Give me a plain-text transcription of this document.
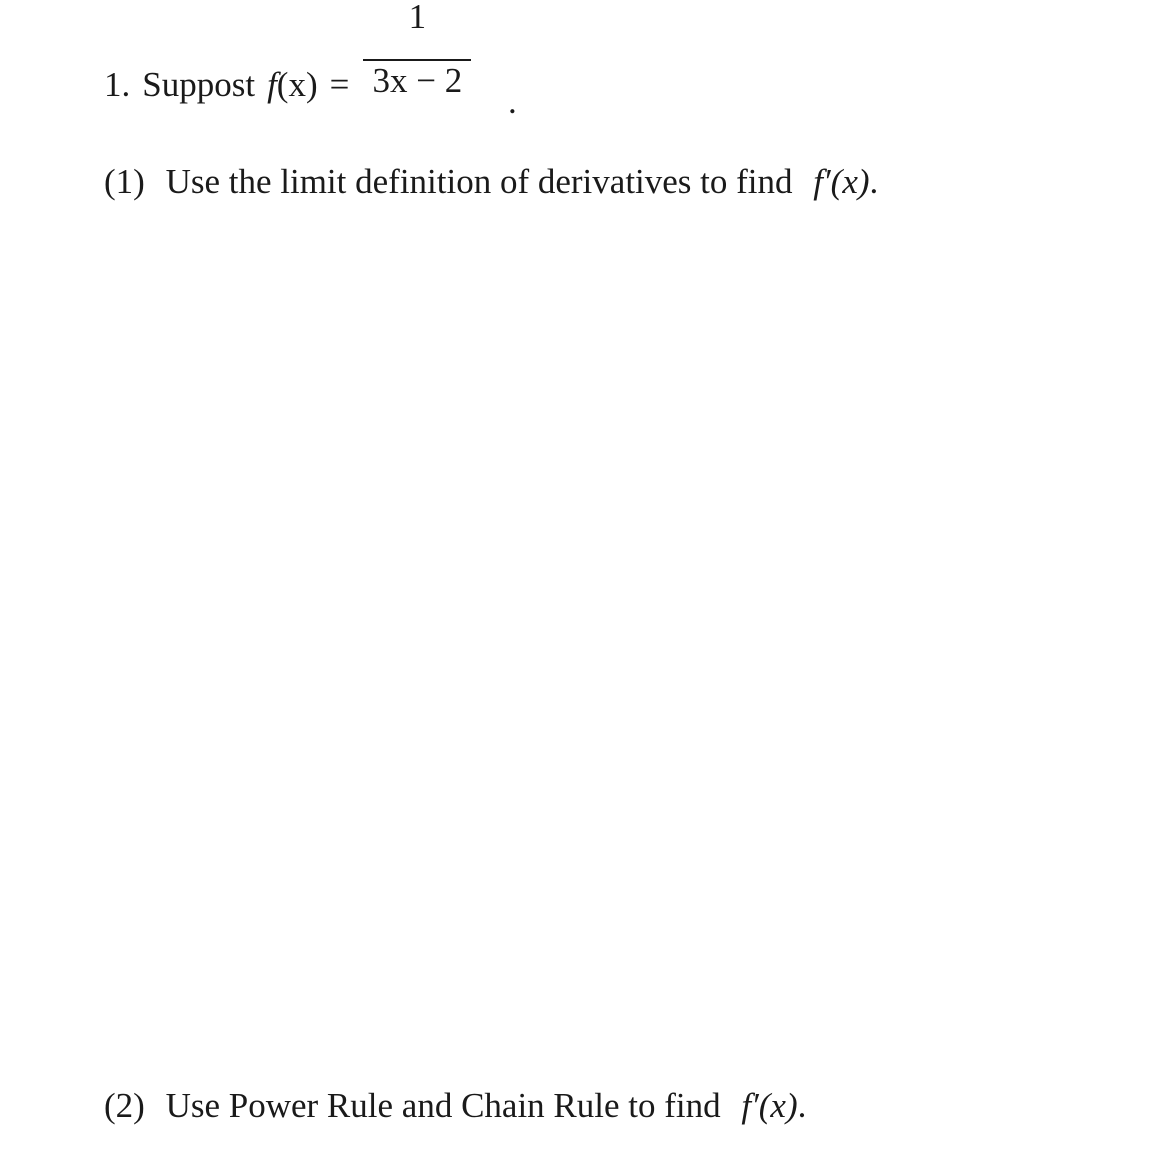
1. Suppost f $(x) = \frac{1}{3x - 2}$ .
(1) Use the limit definition of derivatives to find f′(x).
(2) Use Power Rule and Chain Rule to find f′(x).
